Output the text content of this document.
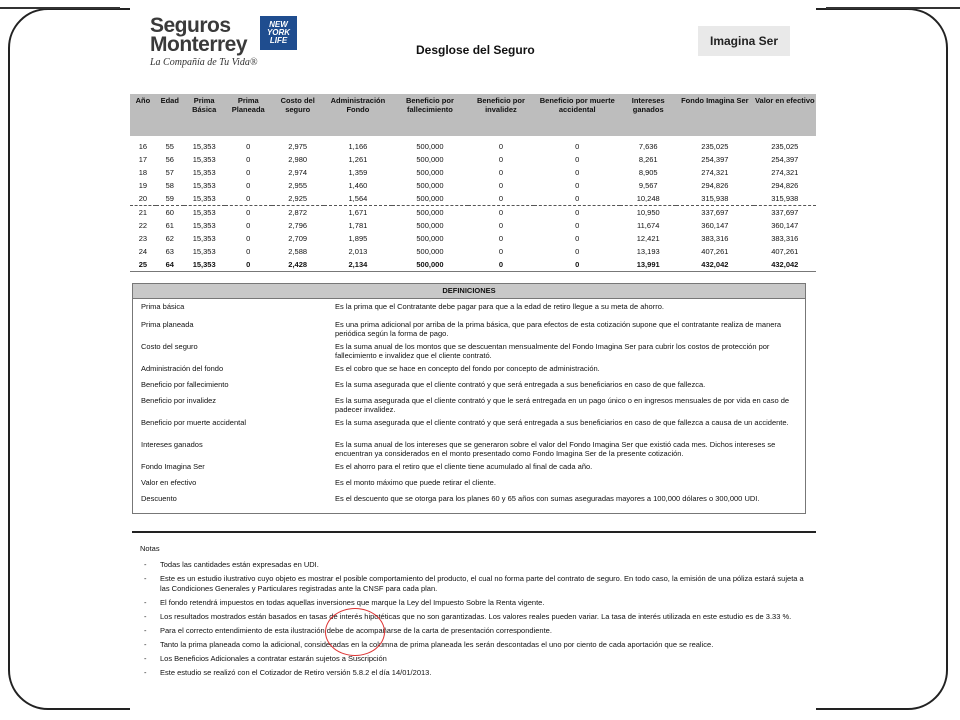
Seguros
Monterrey
NEW
YORK
LIFE
La Compañía de Tu Vida®
Desglose del Seguro
Imagina Ser
Año	Edad	Prima Básica	Prima Planeada	Costo del seguro	Administración Fondo	Beneficio por fallecimiento	Beneficio por invalidez	Beneficio por muerte accidental	Intereses ganados	Fondo Imagina Ser	Valor en efectivo

16	55	15,353	0	2,975	1,166	500,000	0	0	7,636	235,025	235,025
17	56	15,353	0	2,980	1,261	500,000	0	0	8,261	254,397	254,397
18	57	15,353	0	2,974	1,359	500,000	0	0	8,905	274,321	274,321
19	58	15,353	0	2,955	1,460	500,000	0	0	9,567	294,826	294,826
20	59	15,353	0	2,925	1,564	500,000	0	0	10,248	315,938	315,938
21	60	15,353	0	2,872	1,671	500,000	0	0	10,950	337,697	337,697
22	61	15,353	0	2,796	1,781	500,000	0	0	11,674	360,147	360,147
23	62	15,353	0	2,709	1,895	500,000	0	0	12,421	383,316	383,316
24	63	15,353	0	2,588	2,013	500,000	0	0	13,193	407,261	407,261
25	64	15,353	0	2,428	2,134	500,000	0	0	13,991	432,042	432,042
DEFINICIONES
Prima básica	Es la prima que el Contratante debe pagar para que a la edad de retiro llegue a su meta de ahorro.
Prima planeada	Es una prima adicional por arriba de la prima básica, que para efectos de esta cotización supone que el contratante realiza de manera periódica según la forma de pago.
Costo del seguro	Es la suma anual de los montos que se descuentan mensualmente del Fondo Imagina Ser para cubrir los costos de protección por fallecimiento e invalidez que el cliente contrató.
Administración del fondo	Es el cobro que se hace en concepto del fondo por concepto de administración.
Beneficio por fallecimiento	Es la suma asegurada que el cliente contrató y que será entregada a sus beneficiarios en caso de que fallezca.
Beneficio por invalidez	Es la suma asegurada que el cliente contrató y que le será entregada en un pago único o en ingresos mensuales de por vida en caso de padecer invalidez.
Beneficio por muerte accidental	Es la suma asegurada que el cliente contrató y que será entregada a sus beneficiarios en caso de que fallezca a causa de un accidente.
Intereses ganados	Es la suma anual de los intereses que se generaron sobre el valor del Fondo Imagina Ser que existió cada mes. Dichos intereses se encuentran ya considerados en el monto presentado como Fondo Imagina Ser de la presente cotización.
Fondo Imagina Ser	Es el ahorro para el retiro que el cliente tiene acumulado al final de cada año.
Valor en efectivo	Es el monto máximo que puede retirar el cliente.
Descuento	Es el descuento que se otorga para los planes 60 y 65 años con sumas aseguradas mayores a 100,000 dólares o 300,000 UDI.
Notas
-	Todas las cantidades están expresadas en UDI.
-	Este es un estudio ilustrativo cuyo objeto es mostrar el posible comportamiento del producto, el cual no forma parte del contrato de seguro. En todo caso, la emisión de una póliza estará sujeta a las Condiciones Generales y Particulares registradas ante la CNSF para cada plan.
-	El fondo retendrá impuestos en todas aquellas inversiones que marque la Ley del Impuesto Sobre la Renta vigente.
-	Los resultados mostrados están basados en tasas de interés hipotéticas que no son garantizadas. Los valores reales pueden variar. La tasa de interés utilizada en este estudio es de 3.33 %.
-	Para el correcto entendimiento de esta ilustración debe de acompañarse de la carta de presentación correspondiente.
-	Tanto la prima planeada como la adicional, consideradas en la columna de prima planeada les serán descontadas el uno por ciento de cada aportación que se realice.
-	Los Beneficios Adicionales a contratar estarán sujetos a Suscripción
-	Este estudio se realizó con el Cotizador de Retiro versión 5.8.2 el día 14/01/2013.
